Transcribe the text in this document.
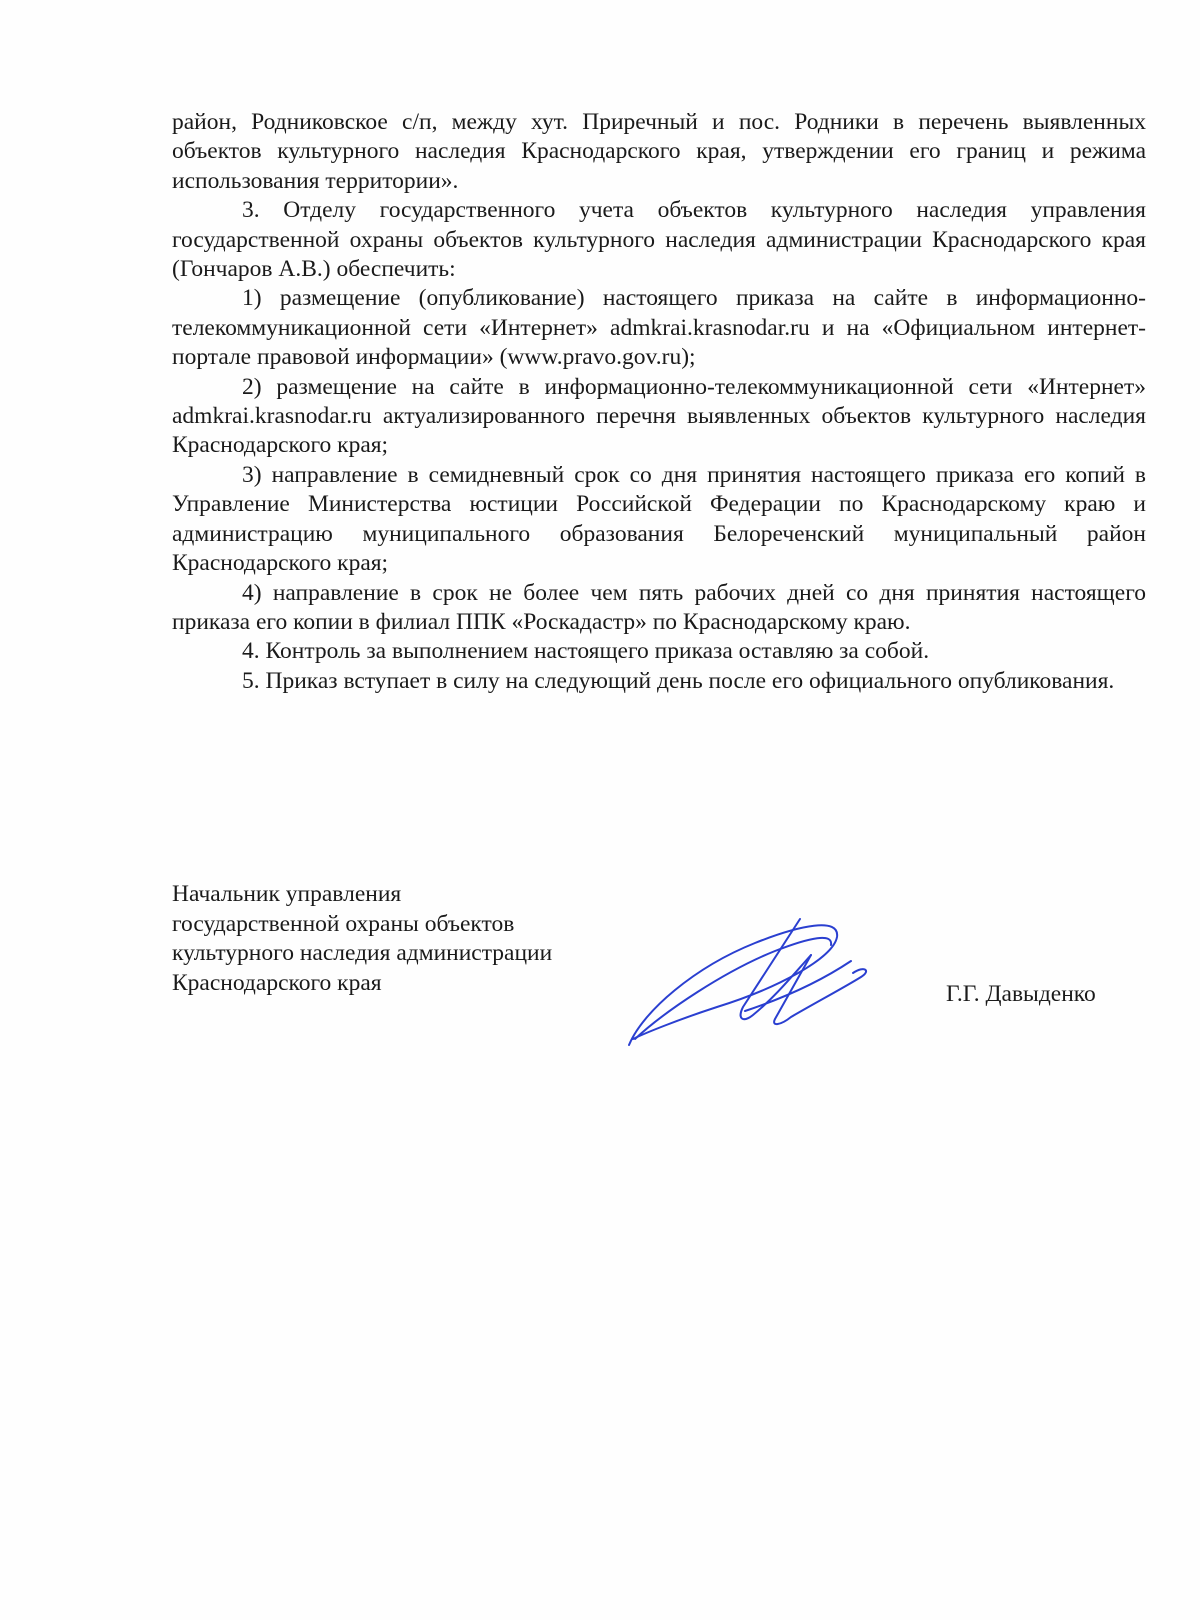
район, Родниковское с/п, между хут. Приречный и пос. Родники в перечень выявленных объектов культурного наследия Краснодарского края, утверждении его границ и режима использования территории».

3. Отделу государственного учета объектов культурного наследия управления государственной охраны объектов культурного наследия администрации Краснодарского края (Гончаров А.В.) обеспечить:

1) размещение (опубликование) настоящего приказа на сайте в информационно-телекоммуникационной сети «Интернет» admkrai.krasnodar.ru и на «Официальном интернет-портале правовой информации» (www.pravo.gov.ru);

2) размещение на сайте в информационно-телекоммуникационной сети «Интернет» admkrai.krasnodar.ru актуализированного перечня выявленных объектов культурного наследия Краснодарского края;

3) направление в семидневный срок со дня принятия настоящего приказа его копий в Управление Министерства юстиции Российской Федерации по Краснодарскому краю и администрацию муниципального образования Белореченский муниципальный район Краснодарского края;

4) направление в срок не более чем пять рабочих дней со дня принятия настоящего приказа его копии в филиал ППК «Роскадастр» по Краснодарскому краю.

4. Контроль за выполнением настоящего приказа оставляю за собой.

5. Приказ вступает в силу на следующий день после его официального опубликования.

Начальник управления
государственной охраны объектов
культурного наследия администрации
Краснодарского края	Г.Г. Давыденко
